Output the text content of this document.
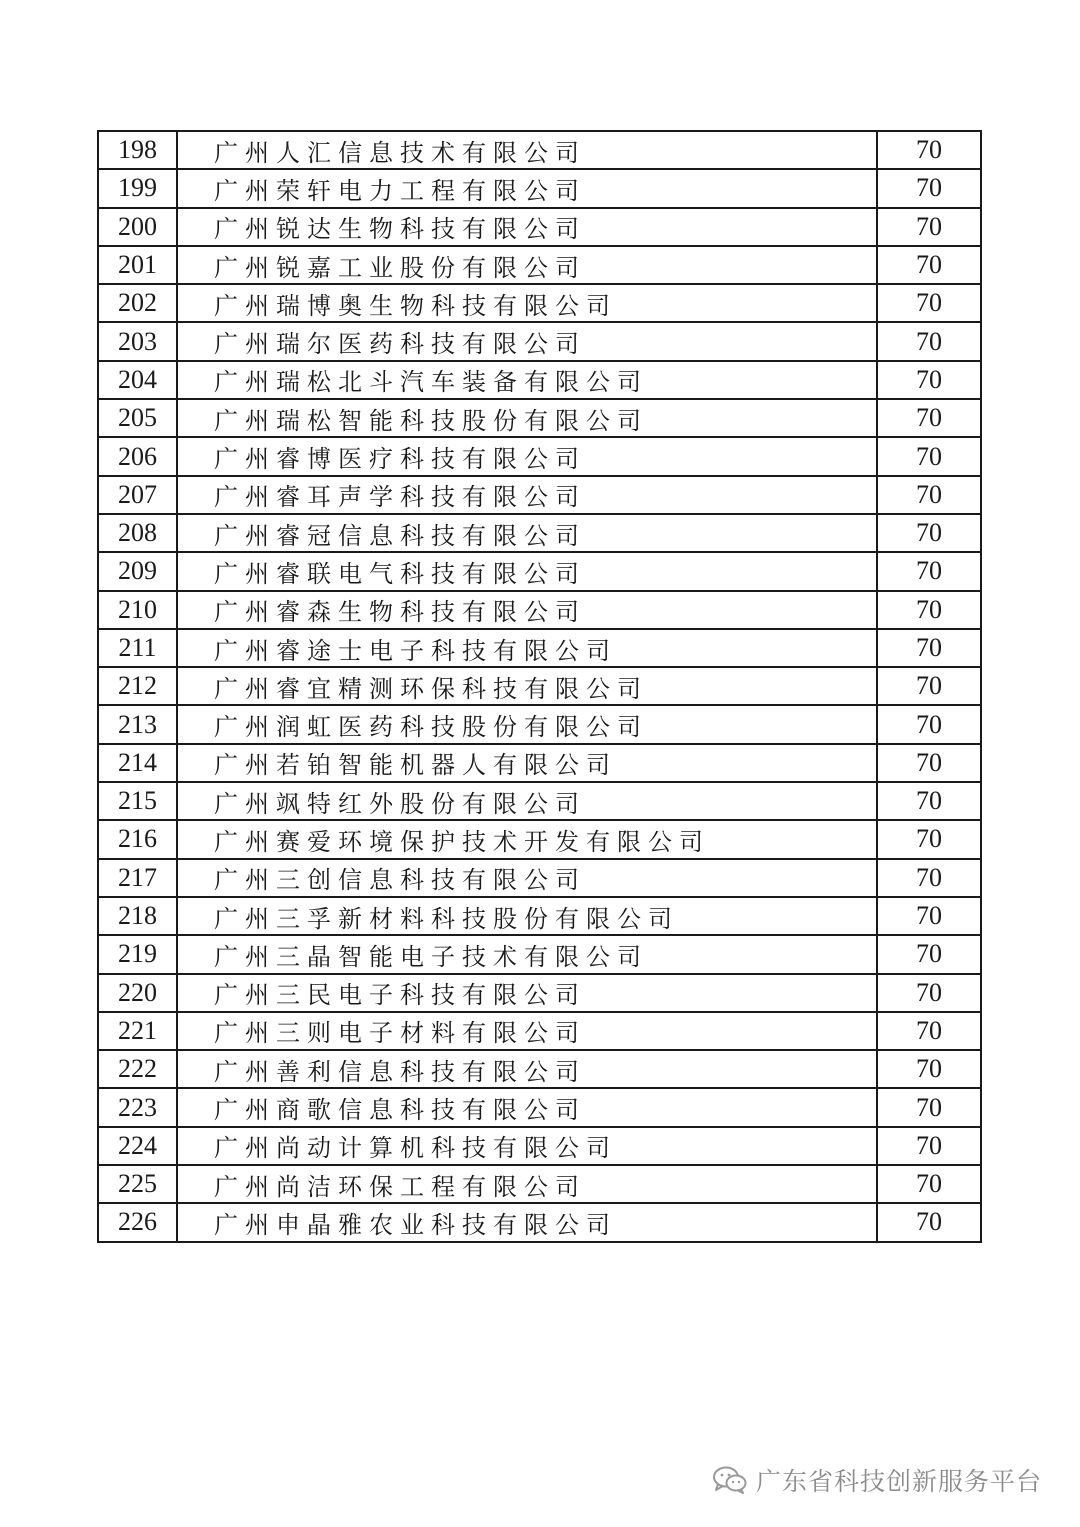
198	广州人汇信息技术有限公司	70
199	广州荣轩电力工程有限公司	70
200	广州锐达生物科技有限公司	70
201	广州锐嘉工业股份有限公司	70
202	广州瑞博奥生物科技有限公司	70
203	广州瑞尔医药科技有限公司	70
204	广州瑞松北斗汽车装备有限公司	70
205	广州瑞松智能科技股份有限公司	70
206	广州睿博医疗科技有限公司	70
207	广州睿耳声学科技有限公司	70
208	广州睿冠信息科技有限公司	70
209	广州睿联电气科技有限公司	70
210	广州睿森生物科技有限公司	70
211	广州睿途士电子科技有限公司	70
212	广州睿宜精测环保科技有限公司	70
213	广州润虹医药科技股份有限公司	70
214	广州若铂智能机器人有限公司	70
215	广州飒特红外股份有限公司	70
216	广州赛爱环境保护技术开发有限公司	70
217	广州三创信息科技有限公司	70
218	广州三孚新材料科技股份有限公司	70
219	广州三晶智能电子技术有限公司	70
220	广州三民电子科技有限公司	70
221	广州三则电子材料有限公司	70
222	广州善利信息科技有限公司	70
223	广州商歌信息科技有限公司	70
224	广州尚动计算机科技有限公司	70
225	广州尚洁环保工程有限公司	70
226	广州申晶雅农业科技有限公司	70
广东省科技创新服务平台
